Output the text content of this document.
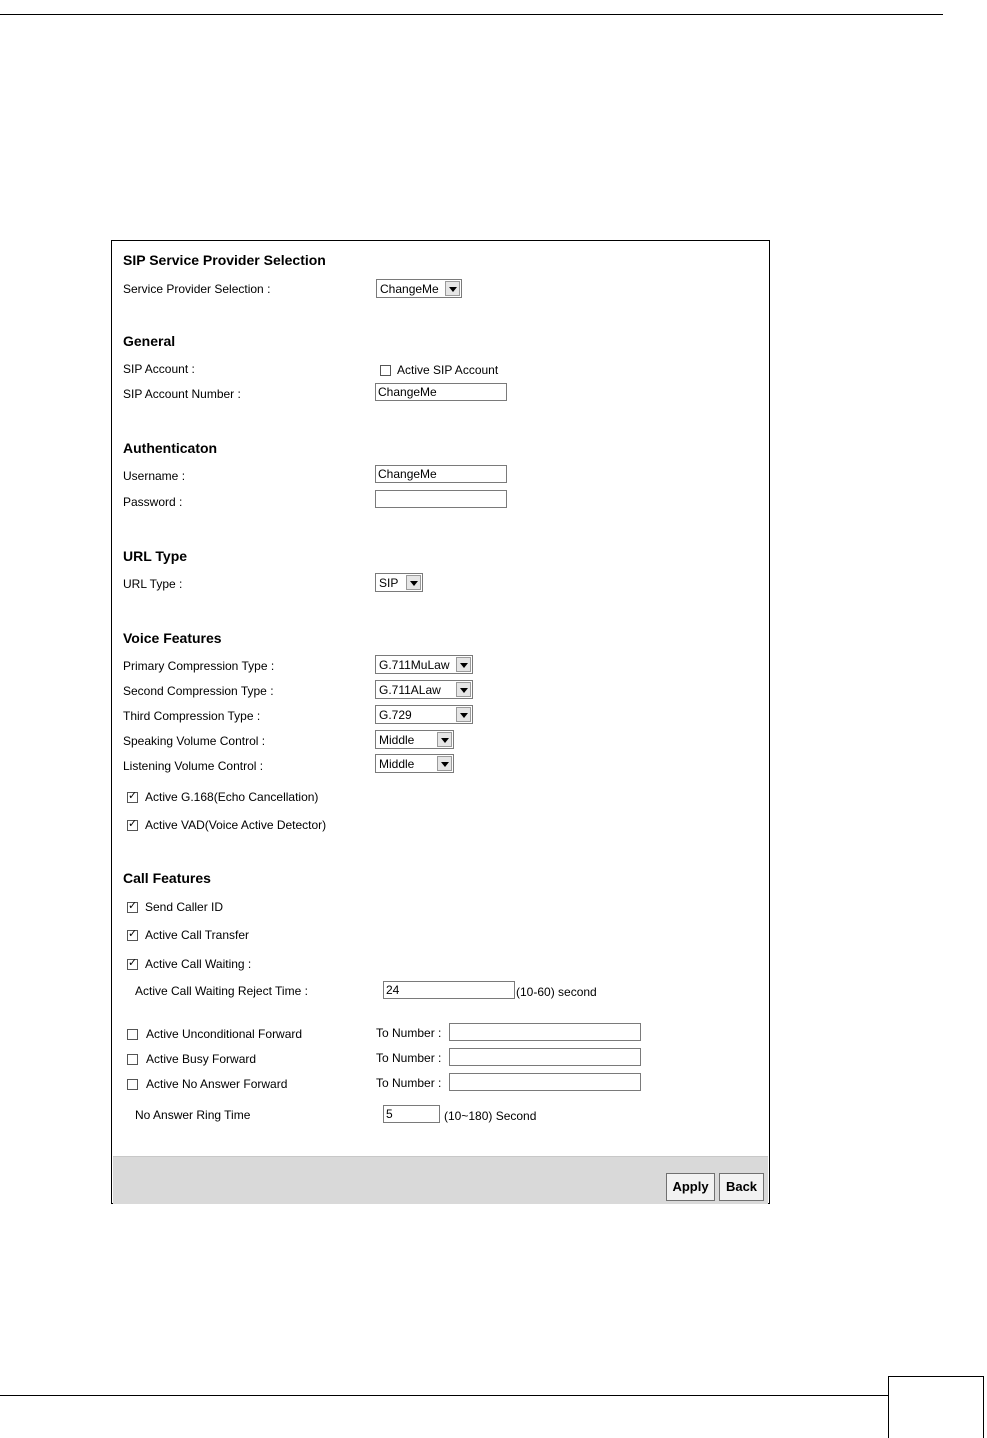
SIP Service Provider Selection
Service Provider Selection :	ChangeMe
General
SIP Account :	Active SIP Account
SIP Account Number :	ChangeMe
Authenticaton
Username :	ChangeMe
Password :
URL Type
URL Type :	SIP
Voice Features
Primary Compression Type :	G.711MuLaw
Second Compression Type :	G.711ALaw
Third Compression Type :	G.729
Speaking Volume Control :	Middle
Listening Volume Control :	Middle
✓
Active G.168(Echo Cancellation)
✓
Active VAD(Voice Active Detector)
Call Features
✓
Send Caller ID
✓
Active Call Transfer
✓
Active Call Waiting :
Active Call Waiting Reject Time :	24	(10-60) second
Active Unconditional Forward	To Number :
Active Busy Forward	To Number :
Active No Answer Forward	To Number :
No Answer Ring Time	5	(10~180) Second
Apply	Back
